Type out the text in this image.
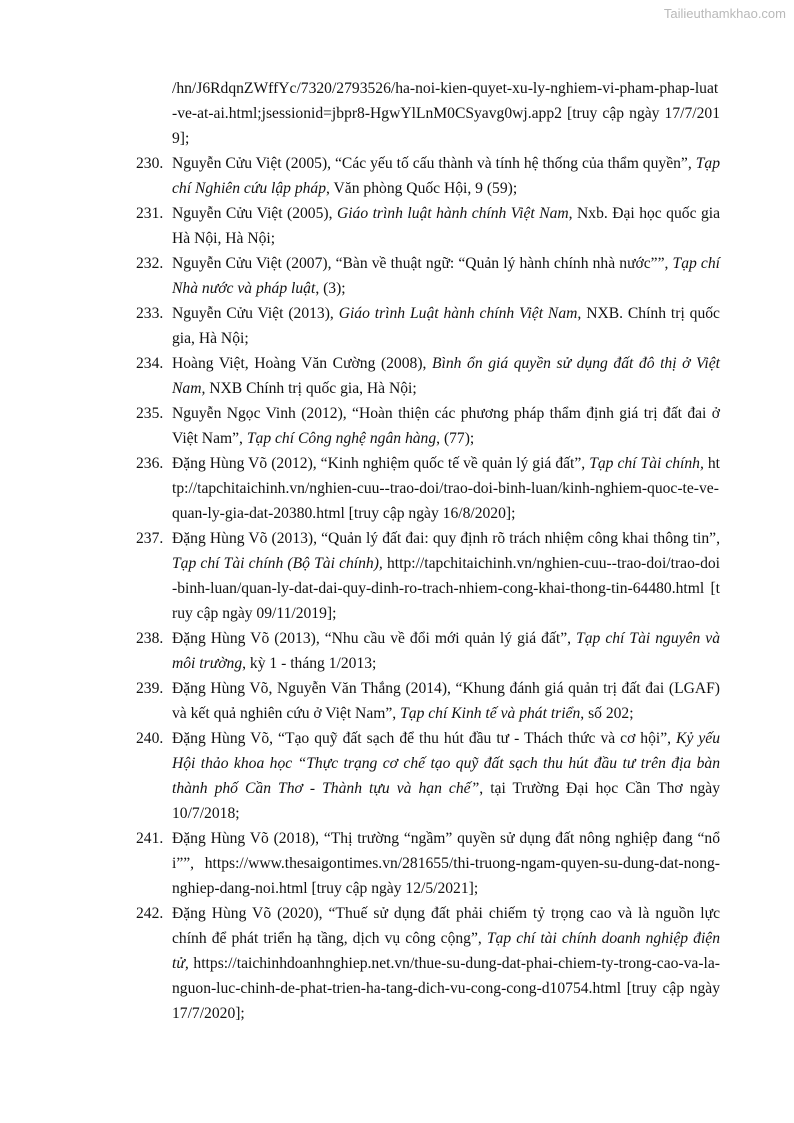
Tailieuthamkhao.com
/hn/J6RdqnZWffYc/7320/2793526/ha-noi-kien-quyet-xu-ly-nghiem-vi-pham-phap-luat-ve-at-ai.html;jsessionid=jbpr8-HgwYlLnM0CSyavg0wj.app2 [truy cập ngày 17/7/2019];
230. Nguyễn Cửu Việt (2005), “Các yếu tố cấu thành và tính hệ thống của thẩm quyền”, Tạp chí Nghiên cứu lập pháp, Văn phòng Quốc Hội, 9 (59);
231. Nguyễn Cửu Việt (2005), Giáo trình luật hành chính Việt Nam, Nxb. Đại học quốc gia Hà Nội, Hà Nội;
232. Nguyễn Cửu Việt (2007), “Bàn về thuật ngữ: “Quản lý hành chính nhà nước””, Tạp chí Nhà nước và pháp luật, (3);
233. Nguyễn Cửu Việt (2013), Giáo trình Luật hành chính Việt Nam, NXB. Chính trị quốc gia, Hà Nội;
234. Hoàng Việt, Hoàng Văn Cường (2008), Bình ổn giá quyền sử dụng đất đô thị ở Việt Nam, NXB Chính trị quốc gia, Hà Nội;
235. Nguyễn Ngọc Vinh (2012), “Hoàn thiện các phương pháp thẩm định giá trị đất đai ở Việt Nam”, Tạp chí Công nghệ ngân hàng, (77);
236. Đặng Hùng Võ (2012), “Kinh nghiệm quốc tế về quản lý giá đất”, Tạp chí Tài chính, http://tapchitaichinh.vn/nghien-cuu--trao-doi/trao-doi-binh-luan/kinh-nghiem-quoc-te-ve-quan-ly-gia-dat-20380.html [truy cập ngày 16/8/2020];
237. Đặng Hùng Võ (2013), “Quản lý đất đai: quy định rõ trách nhiệm công khai thông tin”, Tạp chí Tài chính (Bộ Tài chính), http://tapchitaichinh.vn/nghien-cuu--trao-doi/trao-doi-binh-luan/quan-ly-dat-dai-quy-dinh-ro-trach-nhiem-cong-khai-thong-tin-64480.html [truy cập ngày 09/11/2019];
238. Đặng Hùng Võ (2013), “Nhu cầu về đổi mới quản lý giá đất”, Tạp chí Tài nguyên và môi trường, kỳ 1 - tháng 1/2013;
239. Đặng Hùng Võ, Nguyễn Văn Thắng (2014), “Khung đánh giá quản trị đất đai (LGAF) và kết quả nghiên cứu ở Việt Nam”, Tạp chí Kinh tế và phát triển, số 202;
240. Đặng Hùng Võ, “Tạo quỹ đất sạch để thu hút đầu tư - Thách thức và cơ hội”, Kỷ yếu Hội thảo khoa học “Thực trạng cơ chế tạo quỹ đất sạch thu hút đầu tư trên địa bàn thành phố Cần Thơ - Thành tựu và hạn chế”, tại Trường Đại học Cần Thơ ngày 10/7/2018;
241. Đặng Hùng Võ (2018), “Thị trường “ngầm” quyền sử dụng đất nông nghiệp đang “nổi””, https://www.thesaigontimes.vn/281655/thi-truong-ngam-quyen-su-dung-dat-nong-nghiep-dang-noi.html [truy cập ngày 12/5/2021];
242. Đặng Hùng Võ (2020), “Thuế sử dụng đất phải chiếm tỷ trọng cao và là nguồn lực chính để phát triển hạ tầng, dịch vụ công cộng”, Tạp chí tài chính doanh nghiệp điện tử, https://taichinhdoanhnghiep.net.vn/thue-su-dung-dat-phai-chiem-ty-trong-cao-va-la-nguon-luc-chinh-de-phat-trien-ha-tang-dich-vu-cong-cong-d10754.html [truy cập ngày 17/7/2020];
